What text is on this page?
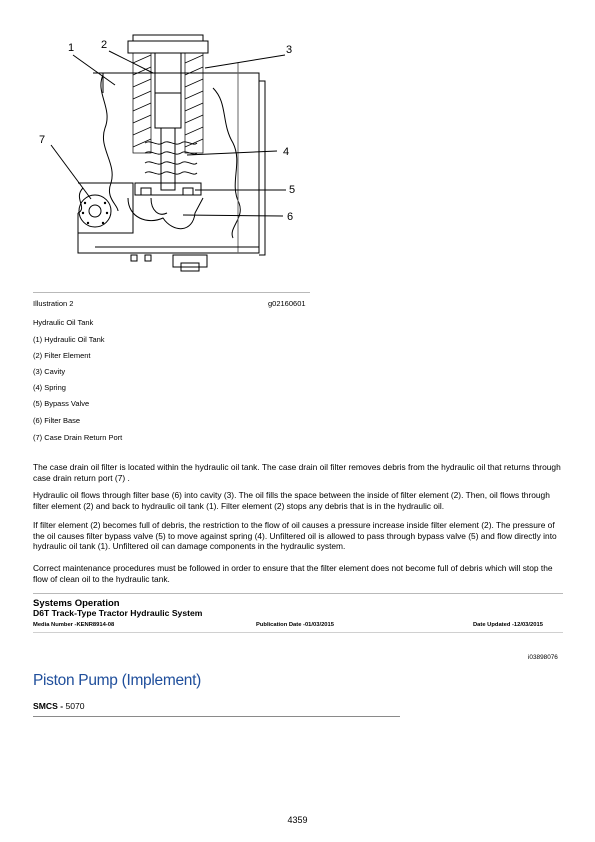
1 2	3
4
5
6
7
Illustration 2	g02160601
Hydraulic Oil Tank
(1) Hydraulic Oil Tank
(2) Filter Element
(3) Cavity
(4) Spring
(5) Bypass Valve
(6) Filter Base
(7) Case Drain Return Port
The case drain oil filter is located within the hydraulic oil tank. The case drain oil filter removes debris from the hydraulic oil that returns through case drain return port (7) .
Hydraulic oil flows through filter base (6) into cavity (3). The oil fills the space between the inside of filter element (2). Then, oil flows through filter element (2) and back to hydraulic oil tank (1). Filter element (2) stops any debris that is in the hydraulic oil.
If filter element (2) becomes full of debris, the restriction to the flow of oil causes a pressure increase inside filter element (2). The pressure of the oil causes filter bypass valve (5) to move against spring (4). Unfiltered oil is allowed to pass through bypass valve (5) and flow directly into hydraulic oil tank (1). Unfiltered oil can damage components in the hydraulic system.
Correct maintenance procedures must be followed in order to ensure that the filter element does not become full of debris which will stop the flow of clean oil to the hydraulic tank.
Systems Operation
D6T Track-Type Tractor Hydraulic System
Media Number -KENR8914-08	Publication Date -01/03/2015	Date Updated -12/03/2015
i03898076
Piston Pump (Implement)
SMCS - 5070
4359
